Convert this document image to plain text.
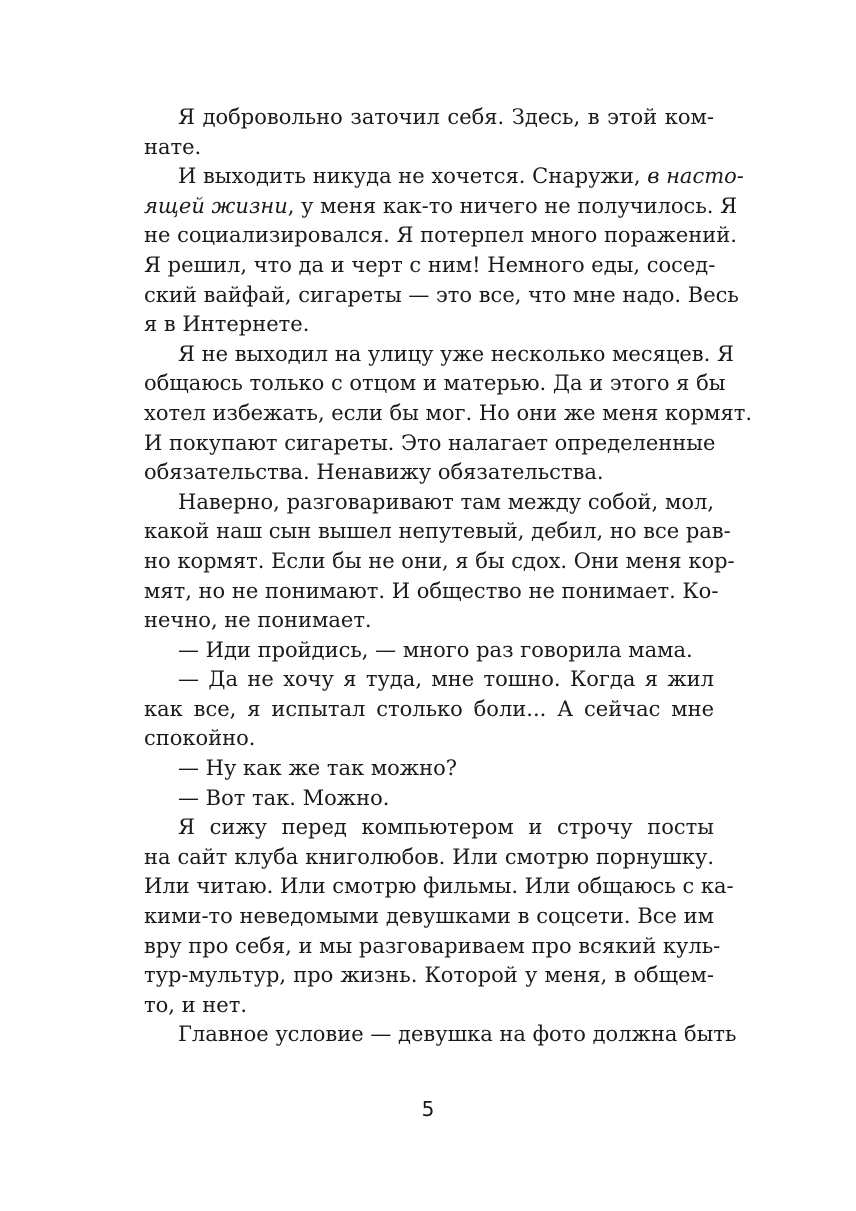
Я добровольно заточил себя. Здесь, в этой ком-
нате.
И выходить никуда не хочется. Снаружи, в насто-
ящей жизни, у меня как-то ничего не получилось. Я
не социализировался. Я потерпел много поражений.
Я решил, что да и черт с ним! Немного еды, сосед-
ский вайфай, сигареты — это все, что мне надо. Весь
я в Интернете.
Я не выходил на улицу уже несколько месяцев. Я
общаюсь только с отцом и матерью. Да и этого я бы
хотел избежать, если бы мог. Но они же меня кормят.
И покупают сигареты. Это налагает определенные
обязательства. Ненавижу обязательства.
Наверно, разговаривают там между собой, мол,
какой наш сын вышел непутевый, дебил, но все рав-
но кормят. Если бы не они, я бы сдох. Они меня кор-
мят, но не понимают. И общество не понимает. Ко-
нечно, не понимает.
— Иди пройдись, — много раз говорила мама.
— Да не хочу я туда, мне тошно. Когда я жил
как все, я испытал столько боли... А сейчас мне
спокойно.
— Ну как же так можно?
— Вот так. Можно.
Я сижу перед компьютером и строчу посты
на сайт клуба книголюбов. Или смотрю порнушку.
Или читаю. Или смотрю фильмы. Или общаюсь с ка-
кими-то неведомыми девушками в соцсети. Все им
вру про себя, и мы разговариваем про всякий куль-
тур-мультур, про жизнь. Которой у меня, в общем-
то, и нет.
Главное условие — девушка на фото должна быть
5
